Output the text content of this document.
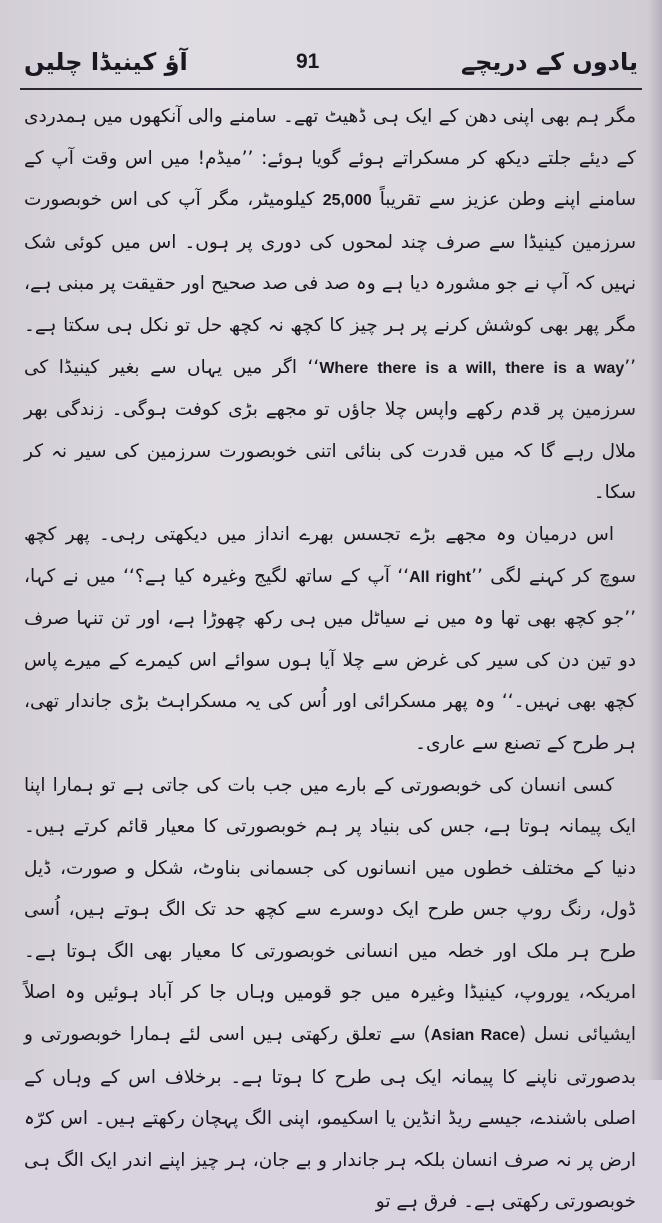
یادوں کے دریچے
91
آؤ کینیڈا چلیں

مگر ہم بھی اپنی دھن کے ایک ہی ڈھیٹ تھے۔ سامنے والی آنکھوں میں ہمدردی کے دیئے جلتے دیکھ کر مسکراتے ہوئے گویا ہوئے: ’’میڈم! میں اس وقت آپ کے سامنے اپنے وطن عزیز سے تقریباً 25,000 کیلومیٹر، مگر آپ کی اس خوبصورت سرزمین کینیڈا سے صرف چند لمحوں کی دوری پر ہوں۔ اس میں کوئی شک نہیں کہ آپ نے جو مشورہ دیا ہے وہ صد فی صد صحیح اور حقیقت پر مبنی ہے، مگر پھر بھی کوشش کرنے پر ہر چیز کا کچھ نہ کچھ حل تو نکل ہی سکتا ہے۔ ’’Where there is a will, there is a way‘‘ اگر میں یہاں سے بغیر کینیڈا کی سرزمین پر قدم رکھے واپس چلا جاؤں تو مجھے بڑی کوفت ہوگی۔ زندگی بھر ملال رہے گا کہ میں قدرت کی بنائی اتنی خوبصورت سرزمین کی سیر نہ کر سکا۔

اس درمیان وہ مجھے بڑے تجسس بھرے انداز میں دیکھتی رہی۔ پھر کچھ سوچ کر کہنے لگی ’’All right‘‘ آپ کے ساتھ لگیج وغیرہ کیا ہے؟‘‘ میں نے کہا، ’’جو کچھ بھی تھا وہ میں نے سیاٹل میں ہی رکھ چھوڑا ہے، اور تن تنہا صرف دو تین دن کی سیر کی غرض سے چلا آیا ہوں سوائے اس کیمرے کے میرے پاس کچھ بھی نہیں۔‘‘ وہ پھر مسکرائی اور اُس کی یہ مسکراہٹ بڑی جاندار تھی، ہر طرح کے تصنع سے عاری۔

کسی انسان کی خوبصورتی کے بارے میں جب بات کی جاتی ہے تو ہمارا اپنا ایک پیمانہ ہوتا ہے، جس کی بنیاد پر ہم خوبصورتی کا معیار قائم کرتے ہیں۔ دنیا کے مختلف خطوں میں انسانوں کی جسمانی بناوٹ، شکل و صورت، ڈیل ڈول، رنگ روپ جس طرح ایک دوسرے سے کچھ حد تک الگ ہوتے ہیں، اُسی طرح ہر ملک اور خطہ میں انسانی خوبصورتی کا معیار بھی الگ ہوتا ہے۔ امریکہ، یوروپ، کینیڈا وغیرہ میں جو قومیں وہاں جا کر آباد ہوئیں وہ اصلاً ایشیائی نسل (Asian Race) سے تعلق رکھتی ہیں اسی لئے ہمارا خوبصورتی و بدصورتی ناپنے کا پیمانہ ایک ہی طرح کا ہوتا ہے۔ برخلاف اس کے وہاں کے اصلی باشندے، جیسے ریڈ انڈین یا اسکیمو، اپنی الگ پہچان رکھتے ہیں۔ اس کرّہ ارض پر نہ صرف انسان بلکہ ہر جاندار و بے جان، ہر چیز اپنے اندر ایک الگ ہی خوبصورتی رکھتی ہے۔ فرق ہے تو
